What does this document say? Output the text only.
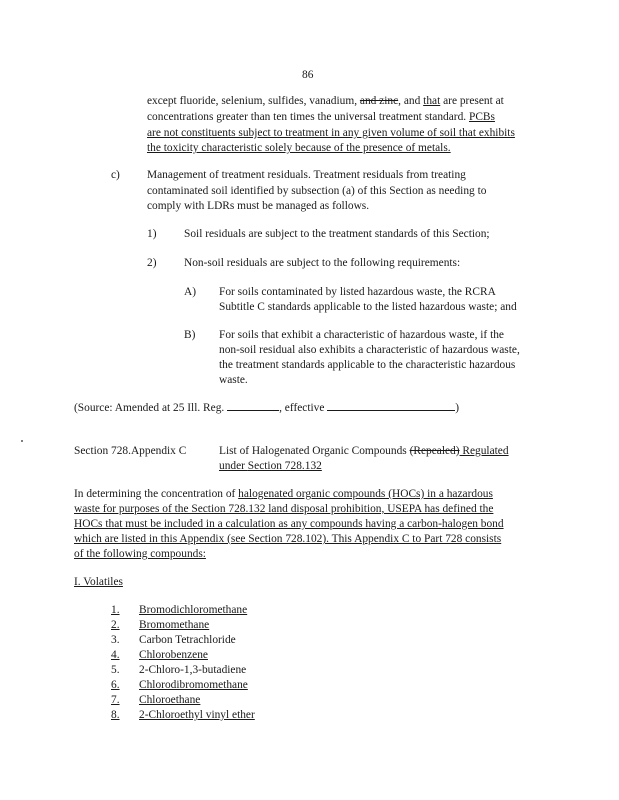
86
except fluoride, selenium, sulfides, vanadium, and zinc, and that are present at
concentrations greater than ten times the universal treatment standard. PCBs
are not constituents subject to treatment in any given volume of soil that exhibits
the toxicity characteristic solely because of the presence of metals.
c) Management of treatment residuals. Treatment residuals from treating
contaminated soil identified by subsection (a) of this Section as needing to
comply with LDRs must be managed as follows.
1) Soil residuals are subject to the treatment standards of this Section;
2) Non-soil residuals are subject to the following requirements:
A) For soils contaminated by listed hazardous waste, the RCRA
Subtitle C standards applicable to the listed hazardous waste; and
B) For soils that exhibit a characteristic of hazardous waste, if the
non-soil residual also exhibits a characteristic of hazardous waste,
the treatment standards applicable to the characteristic hazardous
waste.
(Source: Amended at 25 Ill. Reg.	, effective	)
Section 728.Appendix C	List of Halogenated Organic Compounds (Repealed) Regulated
under Section 728.132
In determining the concentration of halogenated organic compounds (HOCs) in a hazardous
waste for purposes of the Section 728.132 land disposal prohibition, USEPA has defined the
HOCs that must be included in a calculation as any compounds having a carbon-halogen bond
which are listed in this Appendix (see Section 728.102). This Appendix C to Part 728 consists
of the following compounds:
I. Volatiles
1. Bromodichloromethane
2. Bromomethane
3. Carbon Tetrachloride
4. Chlorobenzene
5. 2-Chloro-1,3-butadiene
6. Chlorodibromomethane
7. Chloroethane
8. 2-Chloroethyl vinyl ether
